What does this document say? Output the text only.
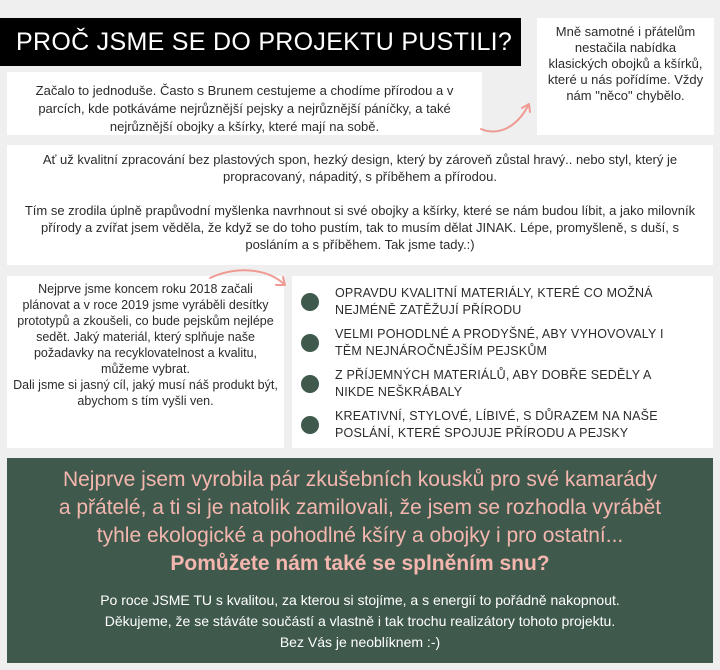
PROČ JSME SE DO PROJEKTU PUSTILI?
Začalo to jednoduše. Často s Brunem cestujeme a chodíme přírodou a v parcích, kde potkáváme nejrůznější pejsky a nejrůznější páníčky, a také nejrůznější obojky a kšírky, které mají na sobě.
Mně samotné i přátelům nestačila nabídka klasických obojků a kšírků, které u nás pořídíme. Vždy nám "něco" chybělo.

Ať už kvalitní zpracování bez plastových spon, hezký design, který by zároveň zůstal hravý.. nebo styl, který je propracovaný, nápaditý, s příběhem a přírodou.

Tím se zrodila úplně prapůvodní myšlenka navrhnout si své obojky a kšírky, které se nám budou líbit, a jako milovník přírody a zvířat jsem věděla, že když se do toho pustím, tak to musím dělat JINAK. Lépe, promyšleně, s duší, s posláním a s příběhem. Tak jsme tady.:)

Nejprve jsme koncem roku 2018 začali plánovat a v roce 2019 jsme vyráběli desítky prototypů a zkoušeli, co bude pejskům nejlépe sedět. Jaký materiál, který splňuje naše požadavky na recyklovatelnost a kvalitu, můžeme vybrat.

Dali jsme si jasný cíl, jaký musí náš produkt být, abychom s tím vyšli ven.

OPRAVDU KVALITNÍ MATERIÁLY, KTERÉ CO MOŽNÁ
NEJMÉNĚ ZATĚŽUJÍ PŘÍRODU
VELMI POHODLNÉ A PRODYŠNÉ, ABY VYHOVOVALY I
TĚM NEJNÁROČNĚJŠÍM PEJSKŮM
Z PŘÍJEMNÝCH MATERIÁLŮ, ABY DOBŘE SEDĚLY A
NIKDE NEŠKRÁBALY
KREATIVNÍ, STYLOVÉ, LÍBIVÉ, S DŮRAZEM NA NAŠE
POSLÁNÍ, KTERÉ SPOJUJE PŘÍRODU A PEJSKY

Nejprve jsem vyrobila pár zkušebních kousků pro své kamarády
a přátelé, a ti si je natolik zamilovali, že jsem se rozhodla vyrábět
tyhle ekologické a pohodlné kšíry a obojky i pro ostatní...
Pomůžete nám také se splněním snu?

Po roce JSME TU s kvalitou, za kterou si stojíme, a s energií to pořádně nakopnout.
Děkujeme, že se stáváte součástí a vlastně i tak trochu realizátory tohoto projektu.
Bez Vás je neoblíknem :-)
